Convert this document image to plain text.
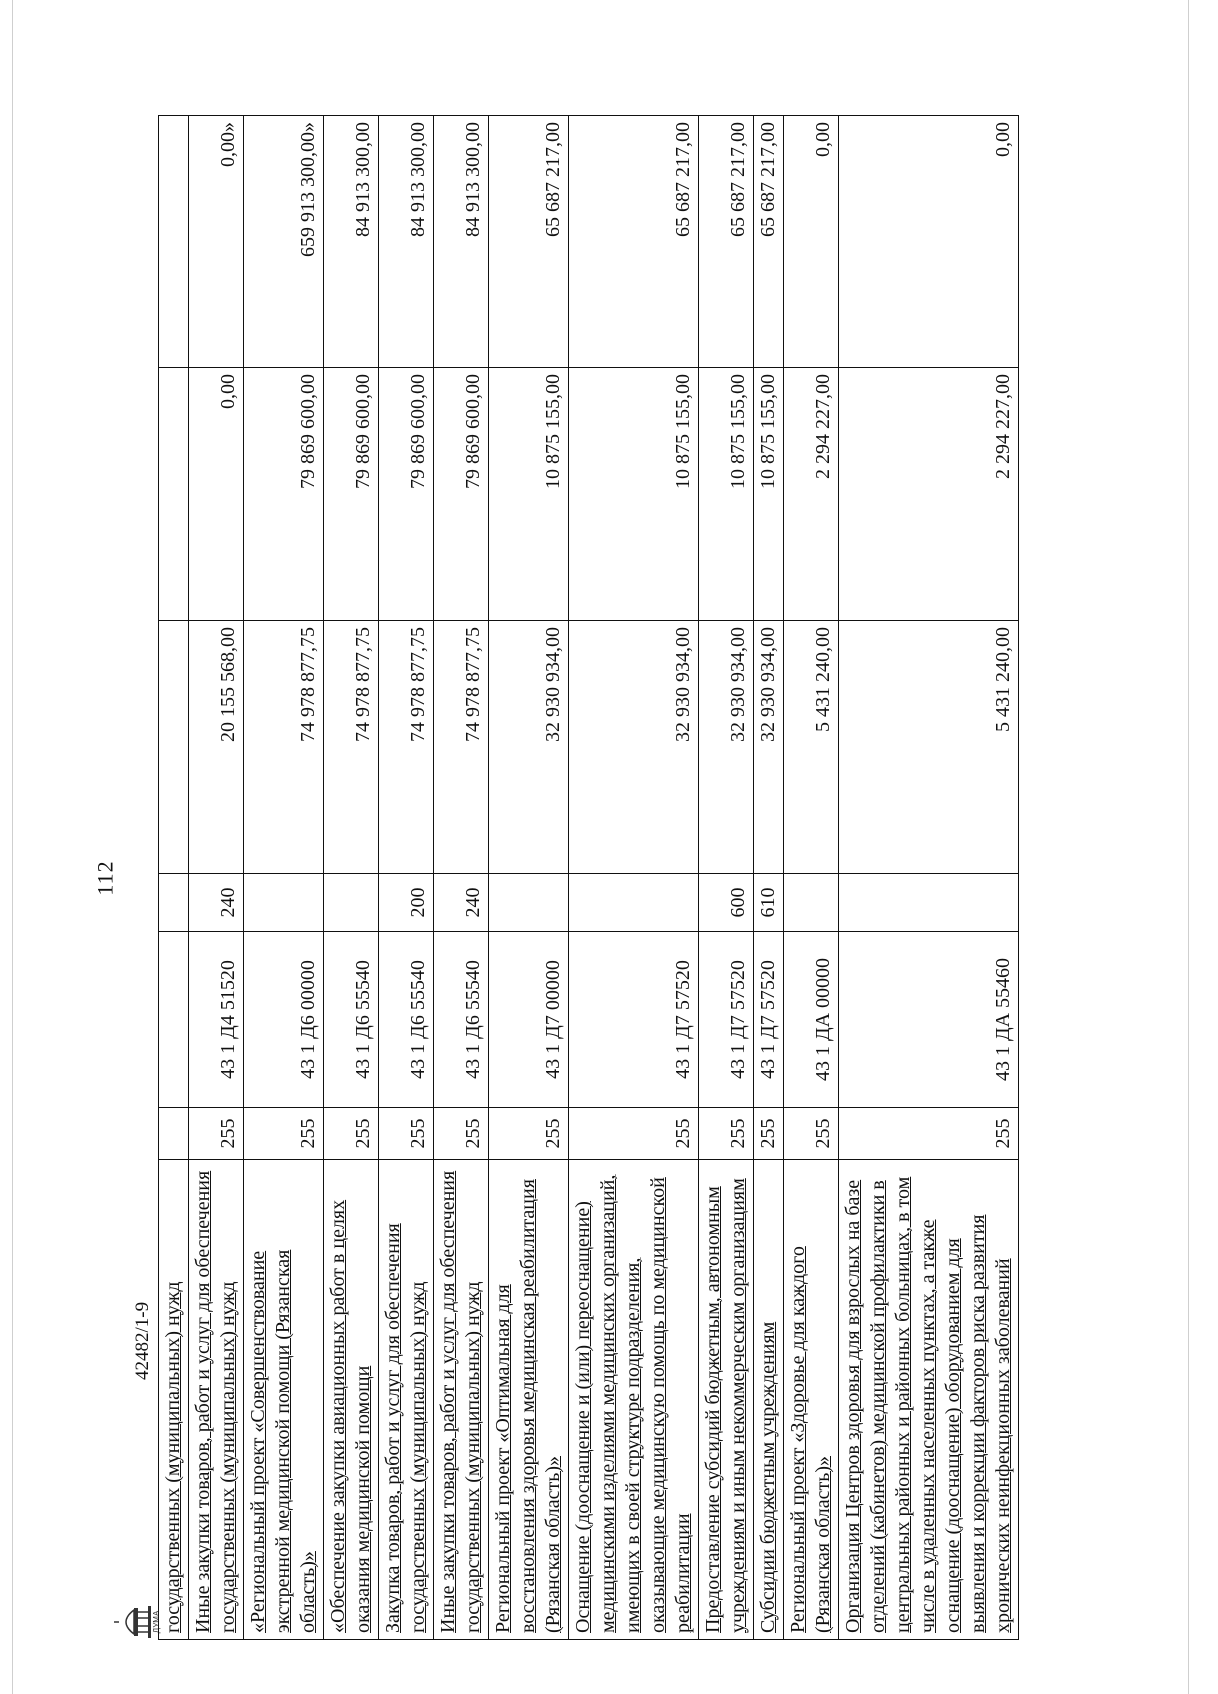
112
42482/1-9
ДУМА государственных (муниципальных) нужд						
Иные закупки товаров, работ и услуг для обеспечения государственных (муниципальных) нужд	255	43 1 Д4 51520	240	20 155 568,00	0,00	0,00»
«Региональный проект «Совершенствование экстренной медицинской помощи (Рязанская область)»	255	43 1 Д6 00000		74 978 877,75	79 869 600,00	659 913 300,00»
«Обеспечение закупки авиационных работ в целях оказания медицинской помощи	255	43 1 Д6 55540		74 978 877,75	79 869 600,00	84 913 300,00
Закупка товаров, работ и услуг для обеспечения государственных (муниципальных) нужд	255	43 1 Д6 55540	200	74 978 877,75	79 869 600,00	84 913 300,00
Иные закупки товаров, работ и услуг для обеспечения государственных (муниципальных) нужд	255	43 1 Д6 55540	240	74 978 877,75	79 869 600,00	84 913 300,00
Региональный проект «Оптимальная для восстановления здоровья медицинская реабилитация (Рязанская область)»	255	43 1 Д7 00000		32 930 934,00	10 875 155,00	65 687 217,00
Оснащение (дооснащение и (или) переоснащение) медицинскими изделиями медицинских организаций, имеющих в своей структуре подразделения, оказывающие медицинскую помощь по медицинской реабилитации	255	43 1 Д7 57520		32 930 934,00	10 875 155,00	65 687 217,00
Предоставление субсидий бюджетным, автономным учреждениям и иным некоммерческим организациям	255	43 1 Д7 57520	600	32 930 934,00	10 875 155,00	65 687 217,00
Субсидии бюджетным учреждениям	255	43 1 Д7 57520	610	32 930 934,00	10 875 155,00	65 687 217,00
Региональный проект «Здоровье для каждого (Рязанская область)»	255	43 1 ДА 00000		5 431 240,00	2 294 227,00	0,00
Организация Центров здоровья для взрослых на базе отделений (кабинетов) медицинской профилактики в центральных районных и районных больницах, в том числе в удаленных населенных пунктах, а также оснащение (дооснащение) оборудованием для выявления и коррекции факторов риска развития хронических неинфекционных заболеваний	255	43 1 ДА 55460		5 431 240,00	2 294 227,00	0,00
